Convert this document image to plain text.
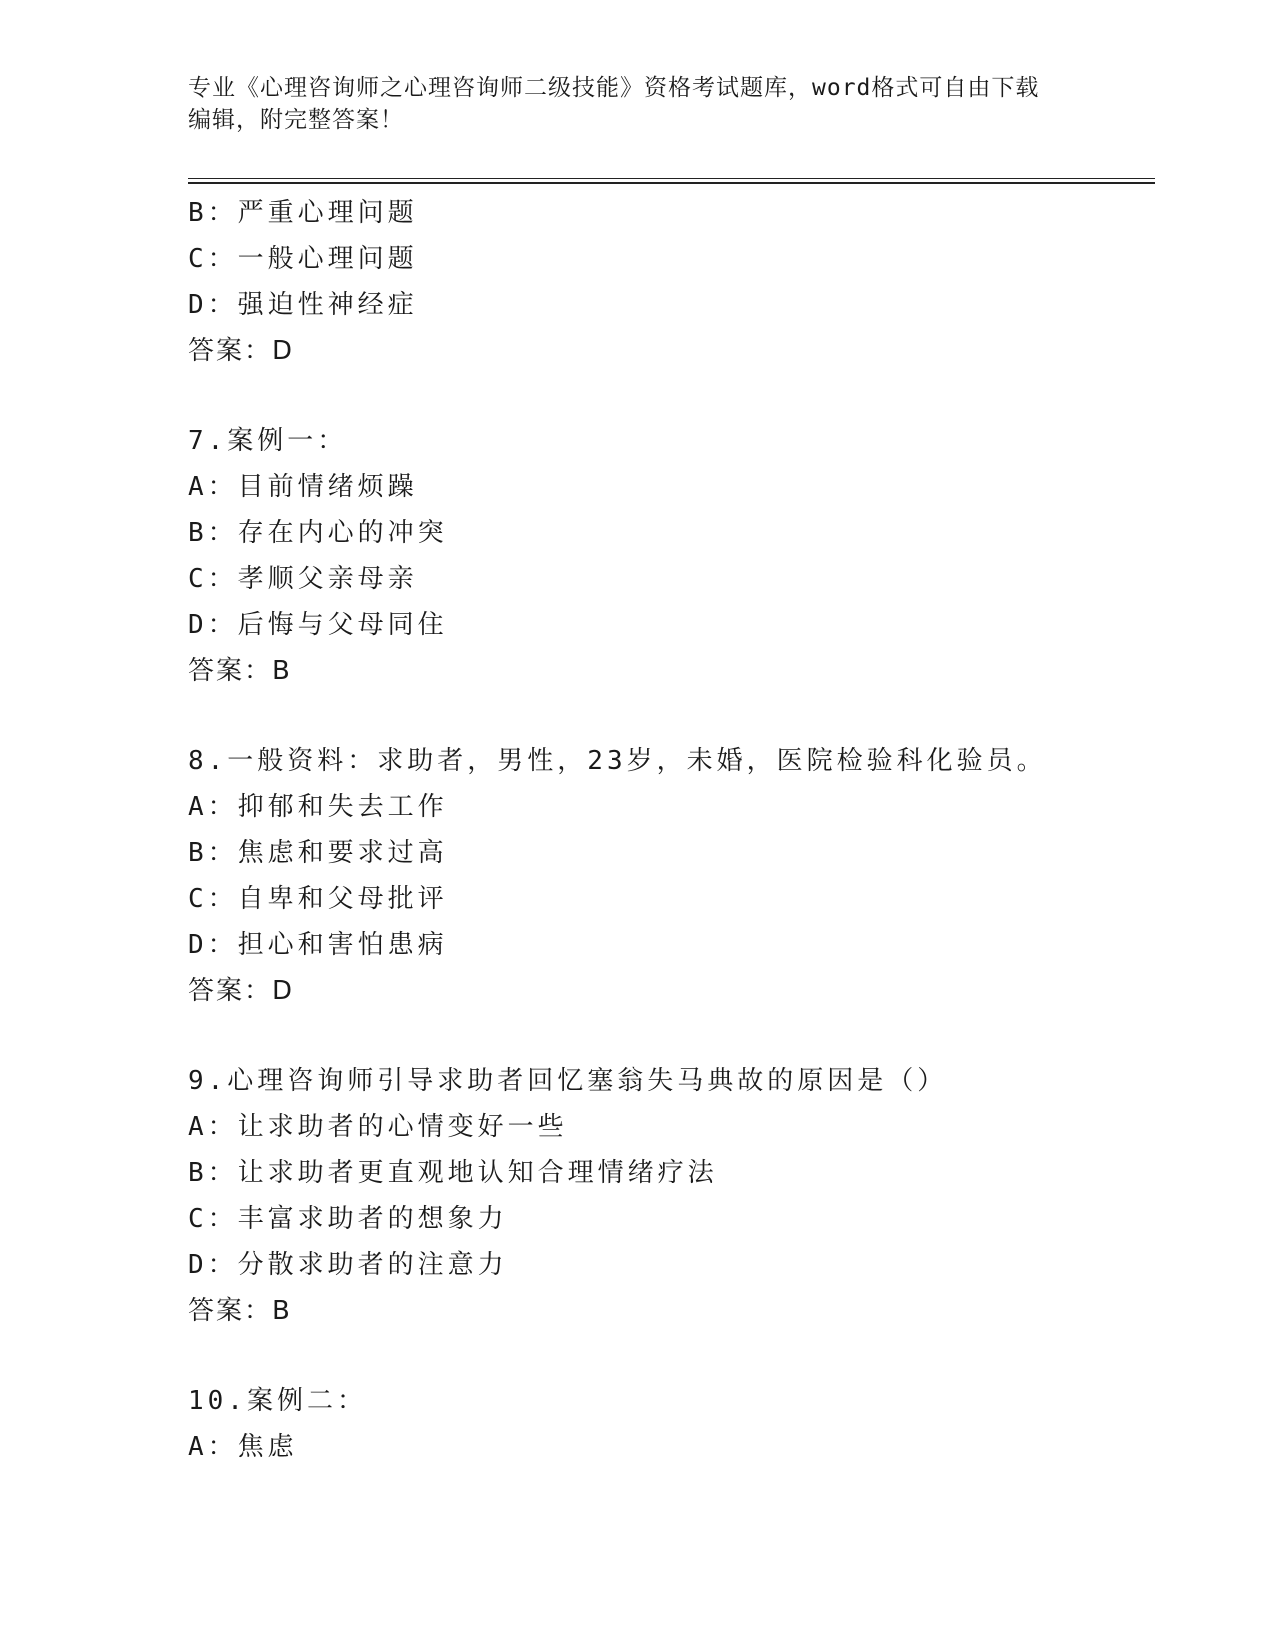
专业《心理咨询师之心理咨询师二级技能》资格考试题库，word格式可自由下载
编辑，附完整答案！
B：严重心理问题
C：一般心理问题
D：强迫性神经症
答案：D
7.案例一：
A：目前情绪烦躁
B：存在内心的冲突
C：孝顺父亲母亲
D：后悔与父母同住
答案：B
8.一般资料：求助者，男性，23岁，未婚，医院检验科化验员。
A：抑郁和失去工作
B：焦虑和要求过高
C：自卑和父母批评
D：担心和害怕患病
答案：D
9.心理咨询师引导求助者回忆塞翁失马典故的原因是（）
A：让求助者的心情变好一些
B：让求助者更直观地认知合理情绪疗法
C：丰富求助者的想象力
D：分散求助者的注意力
答案：B
10.案例二：
A：焦虑
